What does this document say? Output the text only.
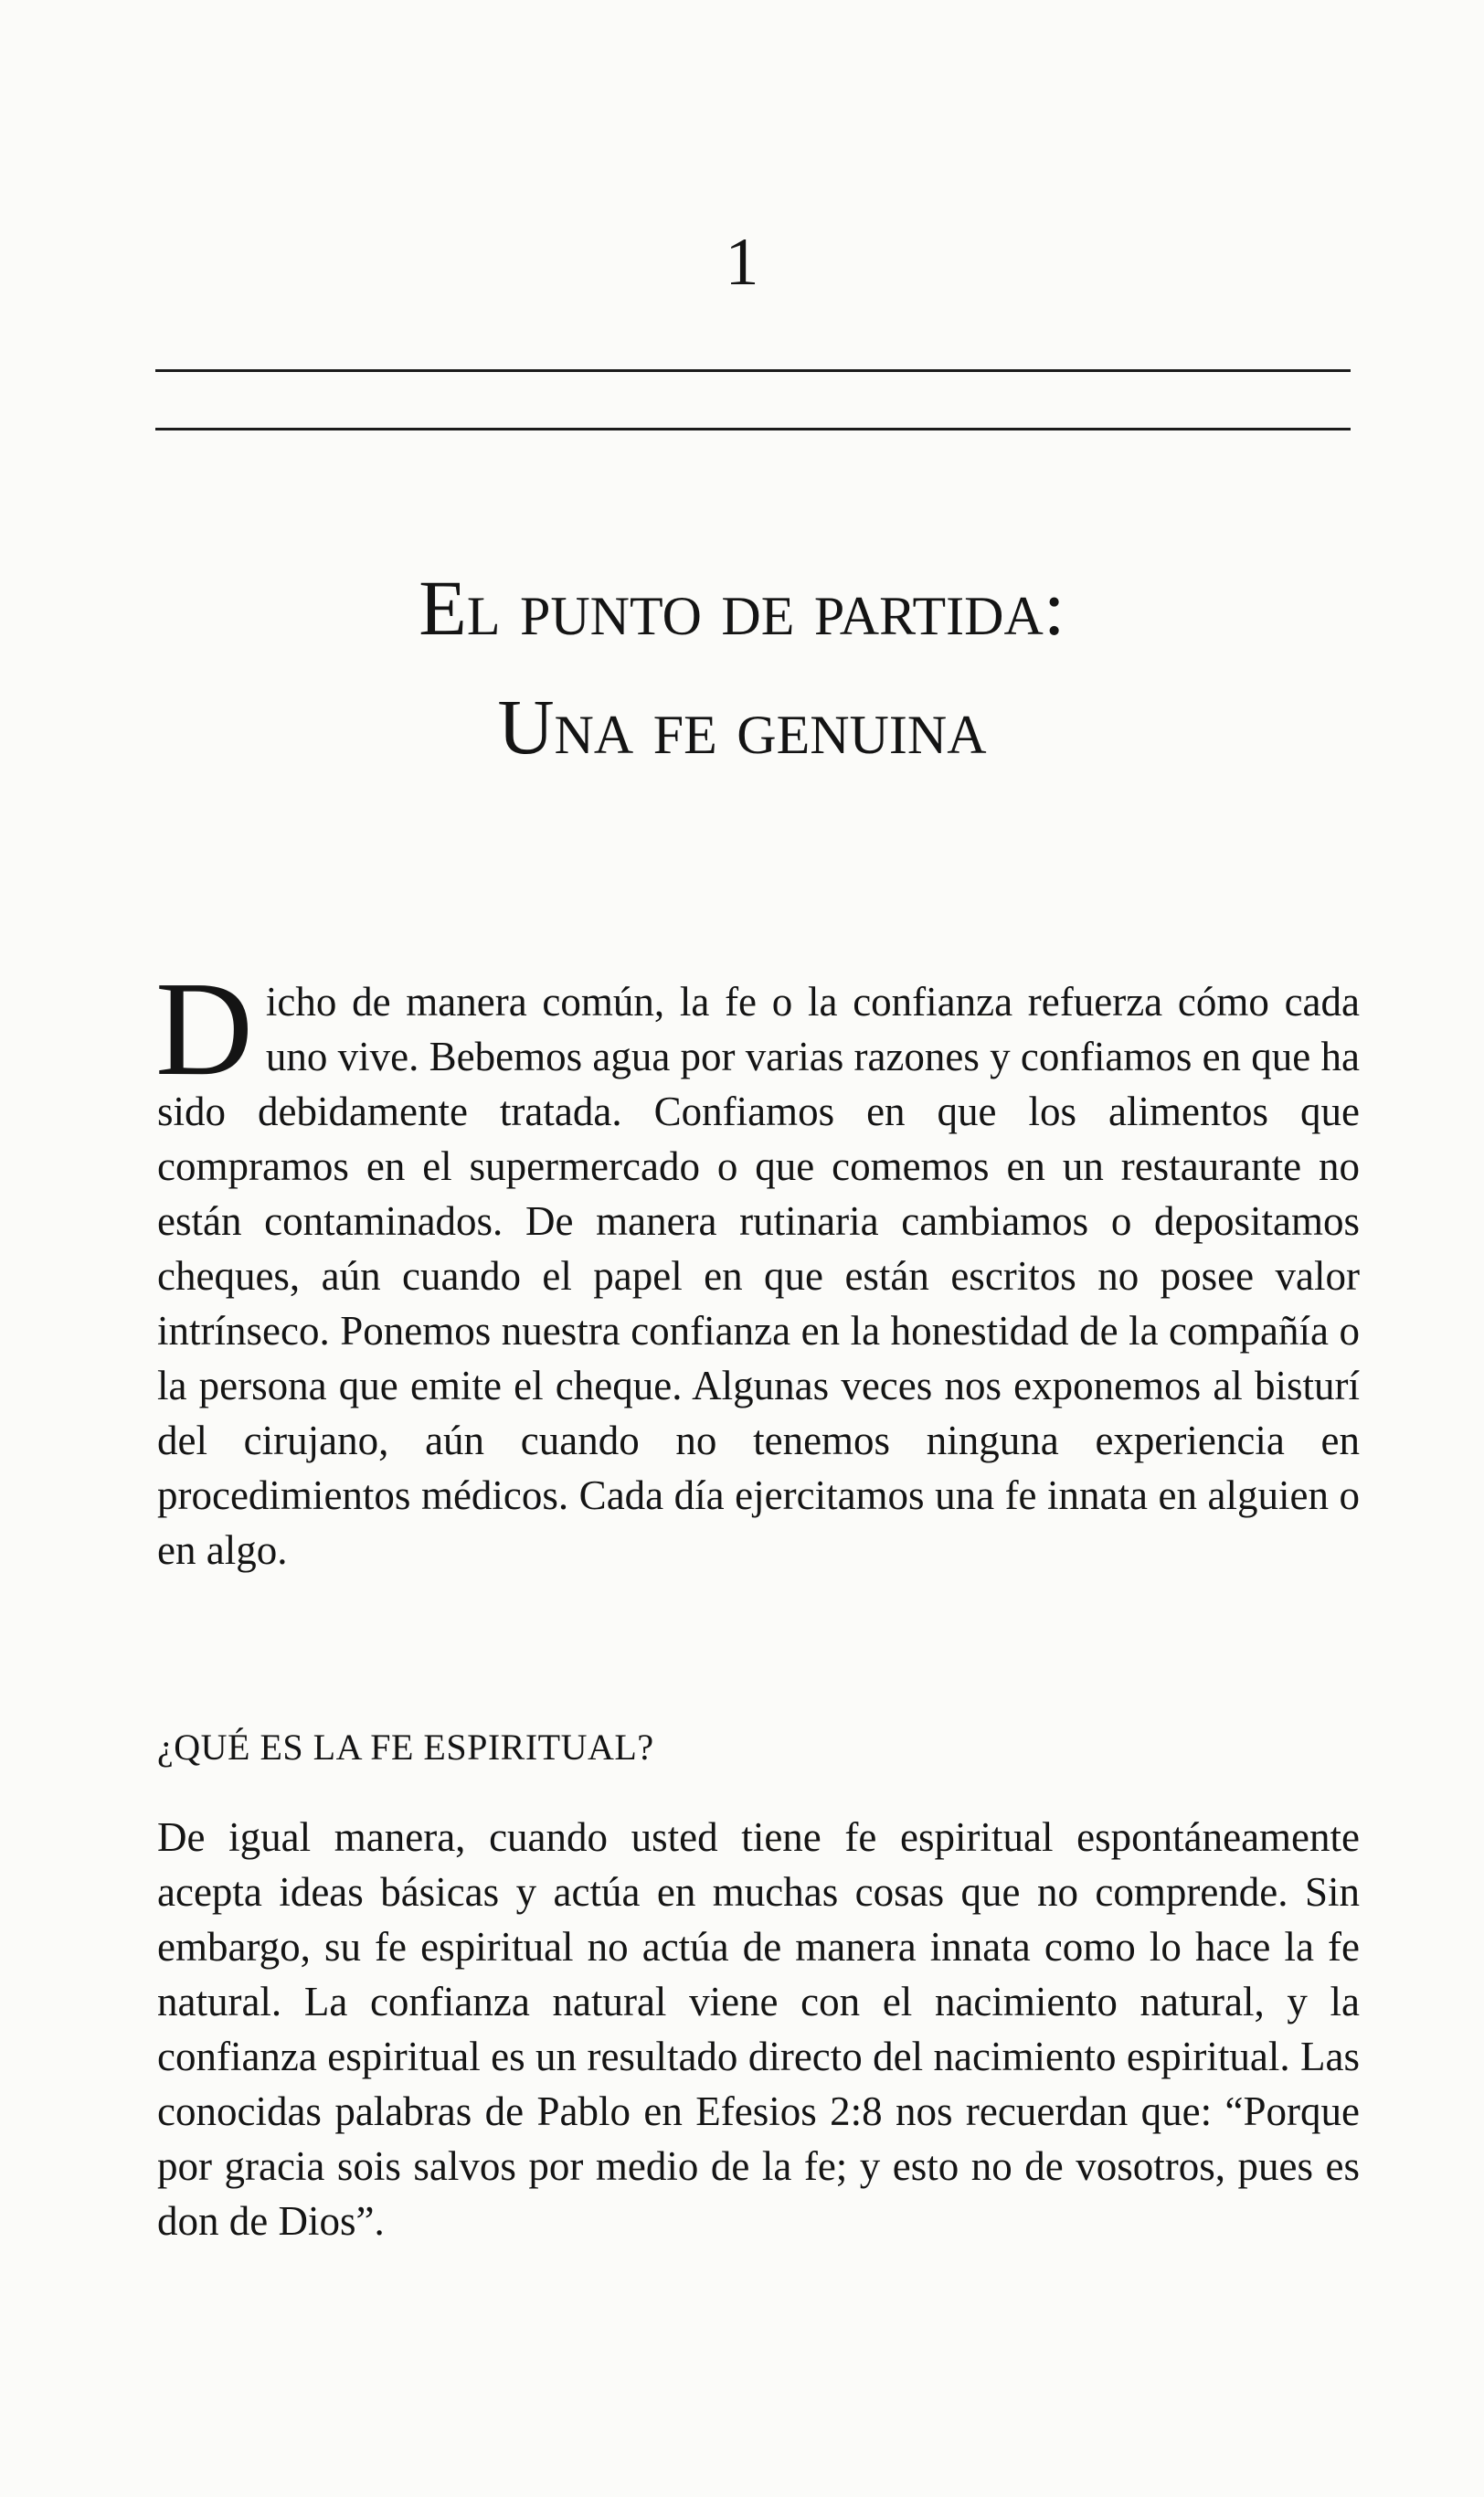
1
El punto de partida:
Una fe genuina
Dicho de manera común, la fe o la confianza refuerza cómo cada uno vive. Bebemos agua por varias razones y confiamos en que ha sido debidamente tratada. Confiamos en que los alimentos que compramos en el supermercado o que comemos en un restaurante no están contaminados. De manera rutinaria cambiamos o depositamos cheques, aún cuando el papel en que están escritos no posee valor intrínseco. Ponemos nuestra confianza en la honestidad de la compañía o la persona que emite el cheque. Algunas veces nos exponemos al bisturí del cirujano, aún cuando no tenemos ninguna experiencia en procedimientos médicos. Cada día ejercitamos una fe innata en alguien o en algo.
¿QUÉ ES LA FE ESPIRITUAL?
De igual manera, cuando usted tiene fe espiritual espontáneamente acepta ideas básicas y actúa en muchas cosas que no comprende. Sin embargo, su fe espiritual no actúa de manera innata como lo hace la fe natural. La confianza natural viene con el nacimiento natural, y la confianza espiritual es un resultado directo del nacimiento espiritual. Las conocidas palabras de Pablo en Efesios 2:8 nos recuerdan que: “Porque por gracia sois salvos por medio de la fe; y esto no de vosotros, pues es don de Dios”.
